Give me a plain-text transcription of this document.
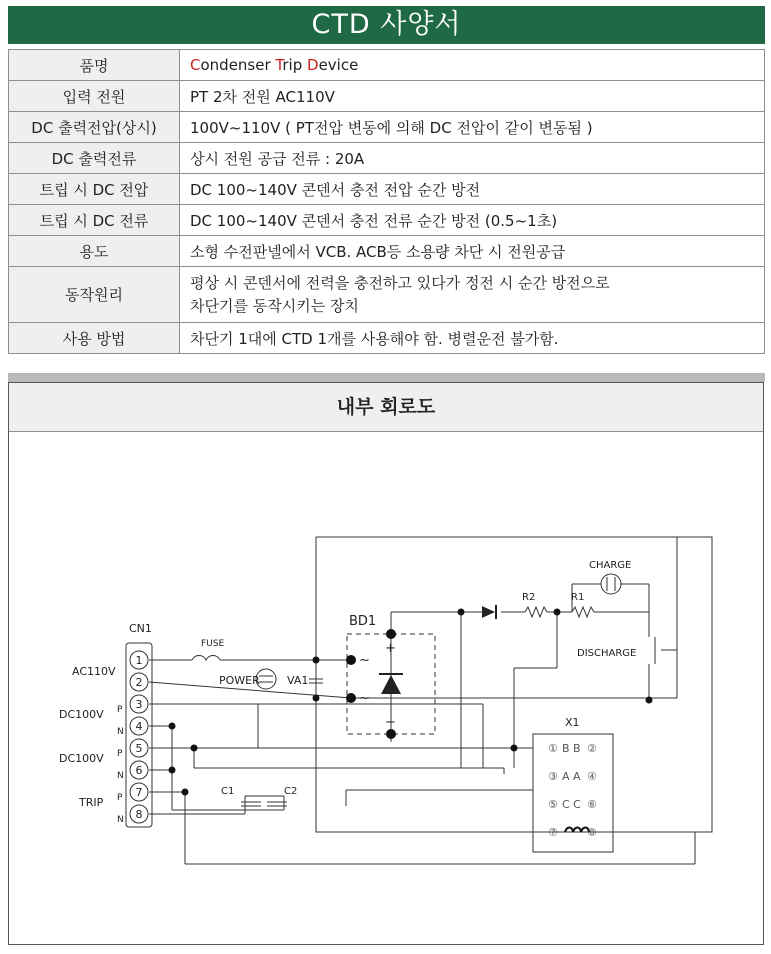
CTD 사양서
품명	Condenser Trip Device
입력 전원	PT 2차 전원 AC110V
DC 출력전압(상시)	100V~110V ( PT전압 변동에 의해 DC 전압이 같이 변동됨 )
DC 출력전류	상시 전원 공급 전류 : 20A
트립 시 DC 전압	DC 100~140V 콘덴서 충전 전압 순간 방전
트립 시 DC 전류	DC 100~140V 콘덴서 충전 전류 순간 방전 (0.5~1초)
용도	소형 수전판넬에서 VCB. ACB등 소용량 차단 시 전원공급
동작원리	평상 시 콘덴서에 전력을 충전하고 있다가 정전 시 순간 방전으로
차단기를 동작시키는 장치

사용 방법	차단기 1대에 CTD 1개를 사용해야 함. 병렬운전 불가함.
내부 회로도
1
2
3
4
5
6
7
8
CN1
AC110V
DC100V
DC100V
TRIP
P
N
P
N
P
N
FUSE
POWER VA1
BD1
+
−
~
~
CHARGE
DISCHARGE
R2	R1
C1	C2
X1
① B B ②
③ A A ④
⑤ C C ⑥
⑦	⑧
